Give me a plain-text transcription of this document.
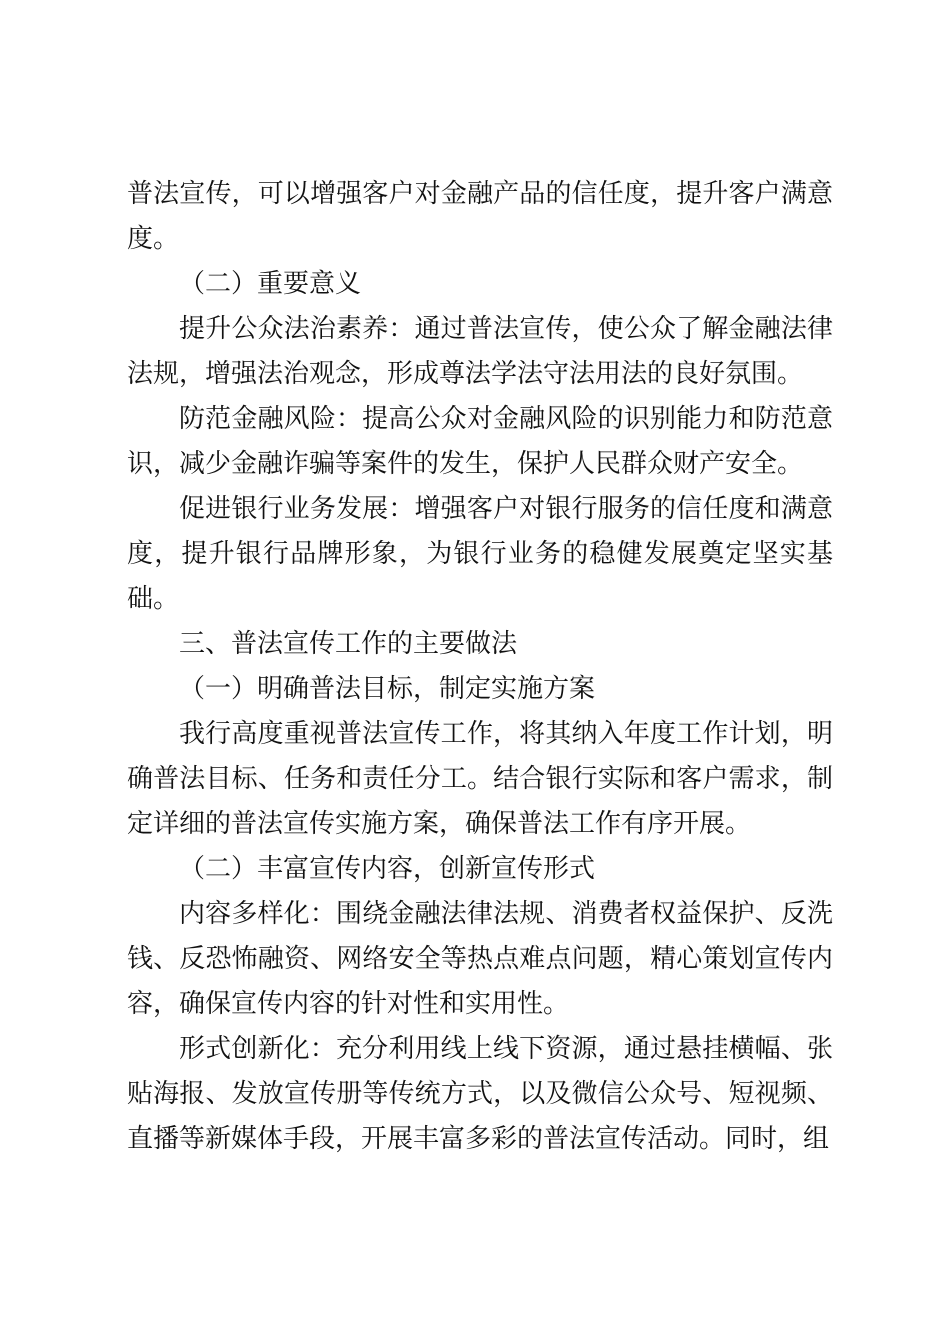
普法宣传，可以增强客户对金融产品的信任度，提升客户满意度。

（二）重要意义

提升公众法治素养：通过普法宣传，使公众了解金融法律法规，增强法治观念，形成尊法学法守法用法的良好氛围。

防范金融风险：提高公众对金融风险的识别能力和防范意识，减少金融诈骗等案件的发生，保护人民群众财产安全。

促进银行业务发展：增强客户对银行服务的信任度和满意度，提升银行品牌形象，为银行业务的稳健发展奠定坚实基础。

三、普法宣传工作的主要做法

（一）明确普法目标，制定实施方案

我行高度重视普法宣传工作，将其纳入年度工作计划，明确普法目标、任务和责任分工。结合银行实际和客户需求，制定详细的普法宣传实施方案，确保普法工作有序开展。

（二）丰富宣传内容，创新宣传形式

内容多样化：围绕金融法律法规、消费者权益保护、反洗钱、反恐怖融资、网络安全等热点难点问题，精心策划宣传内容，确保宣传内容的针对性和实用性。

形式创新化：充分利用线上线下资源，通过悬挂横幅、张贴海报、发放宣传册等传统方式，以及微信公众号、短视频、直播等新媒体手段，开展丰富多彩的普法宣传活动。同时，组
